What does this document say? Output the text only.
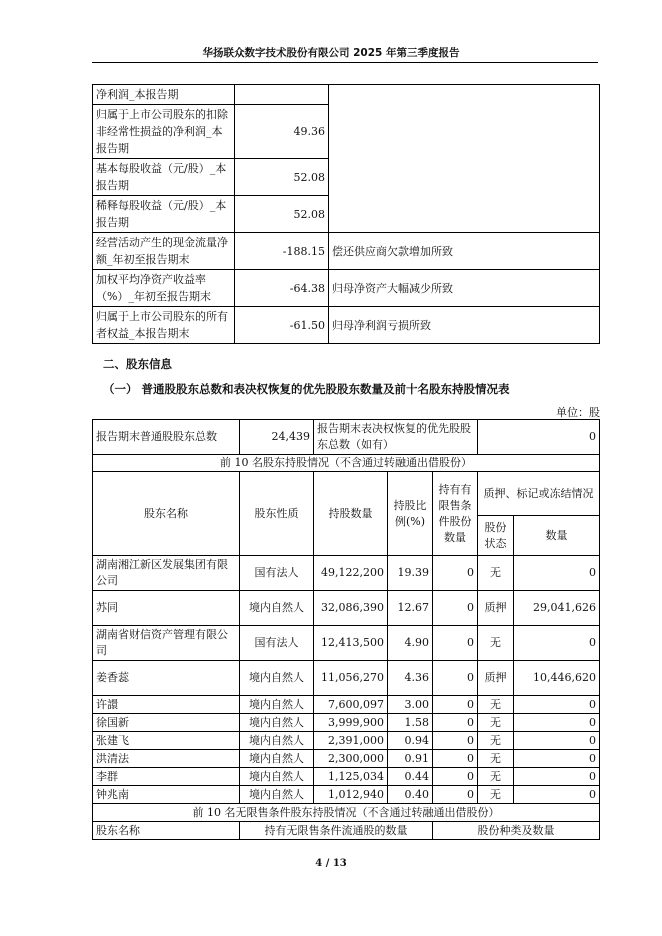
华扬联众数字技术股份有限公司 2025 年第三季度报告
净利润_本报告期		
归属于上市公司股东的扣除非经常性损益的净利润_本报告期	49.36	
基本每股收益（元/股）_本报告期	52.08	
稀释每股收益（元/股）_本报告期	52.08	
经营活动产生的现金流量净额_年初至报告期末	-188.15	偿还供应商欠款增加所致
加权平均净资产收益率（%）_年初至报告期末	-64.38	归母净资产大幅减少所致
归属于上市公司股东的所有者权益_本报告期末	-61.50	归母净利润亏损所致
二、股东信息
（一） 普通股股东总数和表决权恢复的优先股股东数量及前十名股东持股情况表
单位：股
报告期末普通股股东总数	24,439	报告期末表决权恢复的优先股股东总数（如有）			0	
前 10 名股东持股情况（不含通过转融通出借股份）						
股东名称	股东性质	持股数量	持股比例(%)	持有有限售条件股份数量	质押、标记或冻结情况	
					股份状态	数量
湖南湘江新区发展集团有限公司	国有法人	49,122,200	19.39	0	无	0
苏同	境内自然人	32,086,390	12.67	0	质押	29,041,626
湖南省财信资产管理有限公司	国有法人	12,413,500	4.90	0	无	0
姜香蕊	境内自然人	11,056,270	4.36	0	质押	10,446,620
许譞	境内自然人	7,600,097	3.00	0	无	0
徐国新	境内自然人	3,999,900	1.58	0	无	0
张建飞	境内自然人	2,391,000	0.94	0	无	0
洪清法	境内自然人	2,300,000	0.91	0	无	0
李群	境内自然人	1,125,034	0.44	0	无	0
钟兆南	境内自然人	1,012,940	0.40	0	无	0
前 10 名无限售条件股东持股情况（不含通过转融通出借股份）						
股东名称	持有无限售条件流通股的数量			股份种类及数量		
4 / 13
